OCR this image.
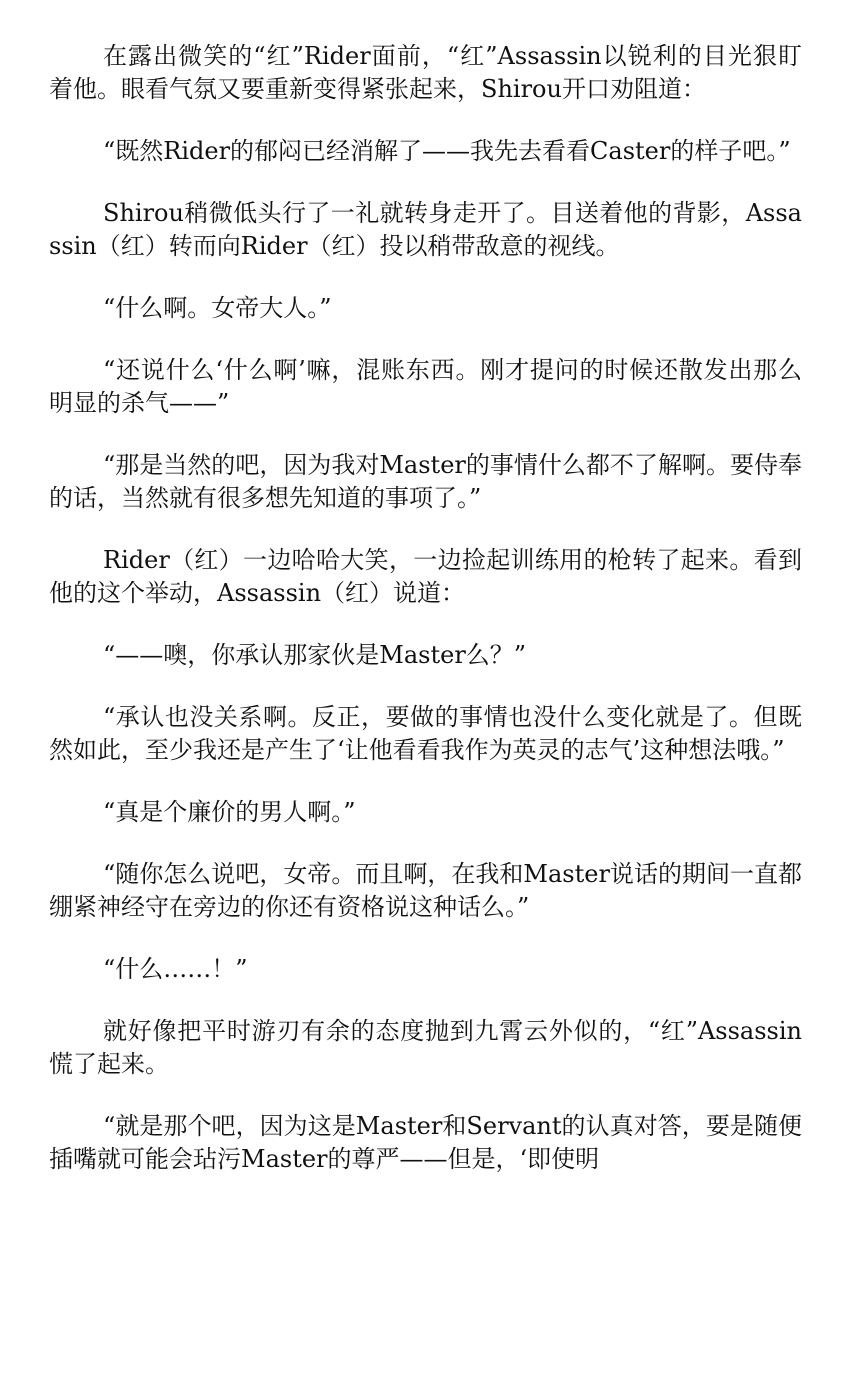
在露出微笑的“红”Rider面前，“红”Assassin以锐利的目光狠盯着他。眼看气氛又要重新变得紧张起来，Shirou开口劝阻道：

“既然Rider的郁闷已经消解了——我先去看看Caster的样子吧。”

Shirou稍微低头行了一礼就转身走开了。目送着他的背影，Assassin（红）转而向Rider（红）投以稍带敌意的视线。

“什么啊。女帝大人。”

“还说什么‘什么啊’嘛，混账东西。刚才提问的时候还散发出那么明显的杀气——”

“那是当然的吧，因为我对Master的事情什么都不了解啊。要侍奉的话，当然就有很多想先知道的事项了。”

Rider（红）一边哈哈大笑，一边捡起训练用的枪转了起来。看到他的这个举动，Assassin（红）说道：

“——噢，你承认那家伙是Master么？”

“承认也没关系啊。反正，要做的事情也没什么变化就是了。但既然如此，至少我还是产生了‘让他看看我作为英灵的志气’这种想法哦。”

“真是个廉价的男人啊。”

“随你怎么说吧，女帝。而且啊，在我和Master说话的期间一直都绷紧神经守在旁边的你还有资格说这种话么。”

“什么……！”

就好像把平时游刃有余的态度抛到九霄云外似的，“红”Assassin慌了起来。

“就是那个吧，因为这是Master和Servant的认真对答，要是随便插嘴就可能会玷污Master的尊严——但是，‘即使明
